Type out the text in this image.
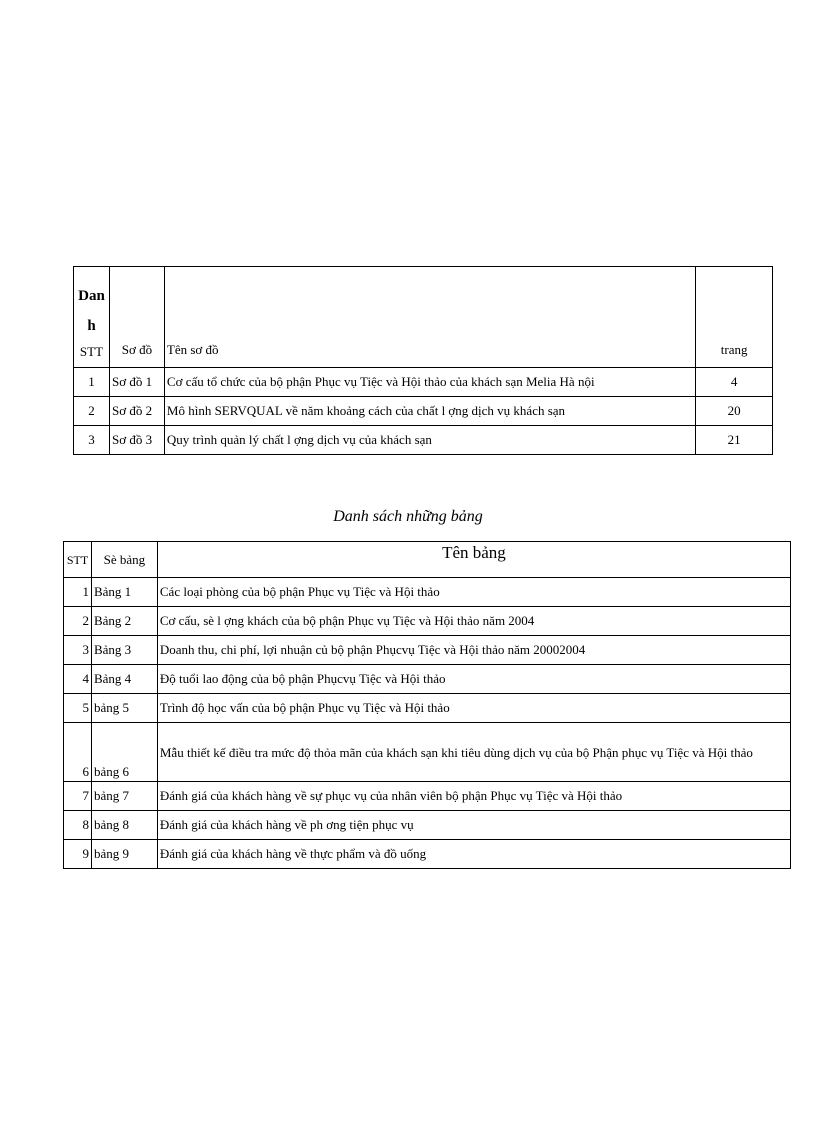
Dan
h
STT	Sơ đồ	Tên sơ đồ	trang
1	Sơ đồ 1	Cơ cấu tổ chức của bộ phận Phục vụ Tiệc và Hội thảo của khách sạn Melia Hà nội	4
2	Sơ đồ 2	Mô hình SERVQUAL về năm khoảng cách của chất l ợng dịch vụ khách sạn	20
3	Sơ đồ 3	Quy trình quản lý chất l ợng dịch vụ của khách sạn	21
Danh sách những bảng
STT	Sè bảng	Tên bảng
1	Bảng 1	Các loại phòng của bộ phận Phục vụ Tiệc và Hội thảo
2	Bảng 2	Cơ cấu, sè l ợng khách của bộ phận Phục vụ Tiệc và Hội thảo năm 2004
3	Bảng 3	Doanh thu, chi phí, lợi nhuận củ bộ phận Phụcvụ Tiệc và Hội thảo năm 20002004
4	Bảng 4	Độ tuổi lao động của bộ phận Phụcvụ Tiệc và Hội thảo
5	bảng 5	Trình độ học vấn của bộ phận Phục vụ Tiệc và Hội thảo
6	bảng 6	Mẫu thiết kế điều tra mức độ thỏa mãn của khách sạn khi tiêu dùng dịch vụ của bộ Phận phục vụ Tiệc và Hội thảo
7	bảng 7	Đánh giá của khách hàng về sự phục vụ của nhân viên bộ phận Phục vụ Tiệc và Hội thảo
8	bảng 8	Đánh giá của khách hàng về ph ơng tiện phục vụ
9	bảng 9	Đánh giá của khách hàng về thực phẩm và đồ uống
